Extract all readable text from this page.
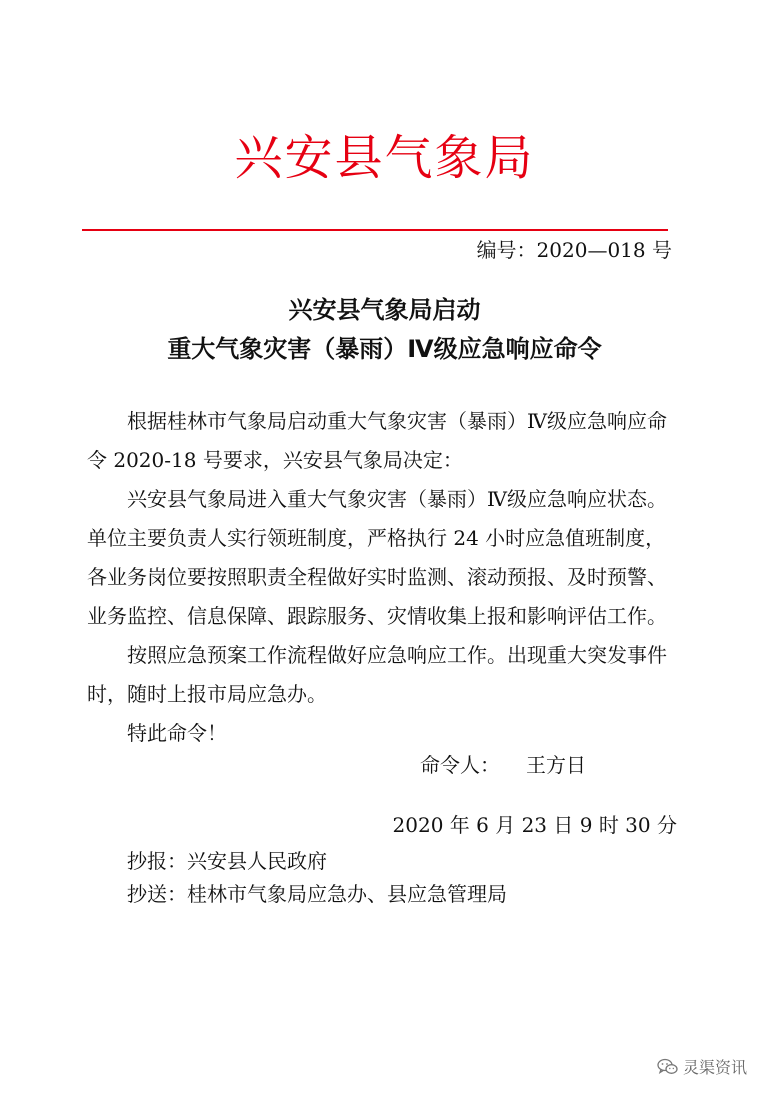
兴安县气象局
编号：2020—018 号
兴安县气象局启动
重大气象灾害（暴雨）Ⅳ级应急响应命令

根据桂林市气象局启动重大气象灾害（暴雨）Ⅳ级应急响应命令 2020-18 号要求，兴安县气象局决定：

兴安县气象局进入重大气象灾害（暴雨）Ⅳ级应急响应状态。单位主要负责人实行领班制度，严格执行 24 小时应急值班制度，各业务岗位要按照职责全程做好实时监测、滚动预报、及时预警、业务监控、信息保障、跟踪服务、灾情收集上报和影响评估工作。

按照应急预案工作流程做好应急响应工作。出现重大突发事件时，随时上报市局应急办。

特此命令！

命令人： 王方日
2020 年 6 月 23 日 9 时 30 分
抄报：兴安县人民政府
抄送：桂林市气象局应急办、县应急管理局
灵渠资讯
